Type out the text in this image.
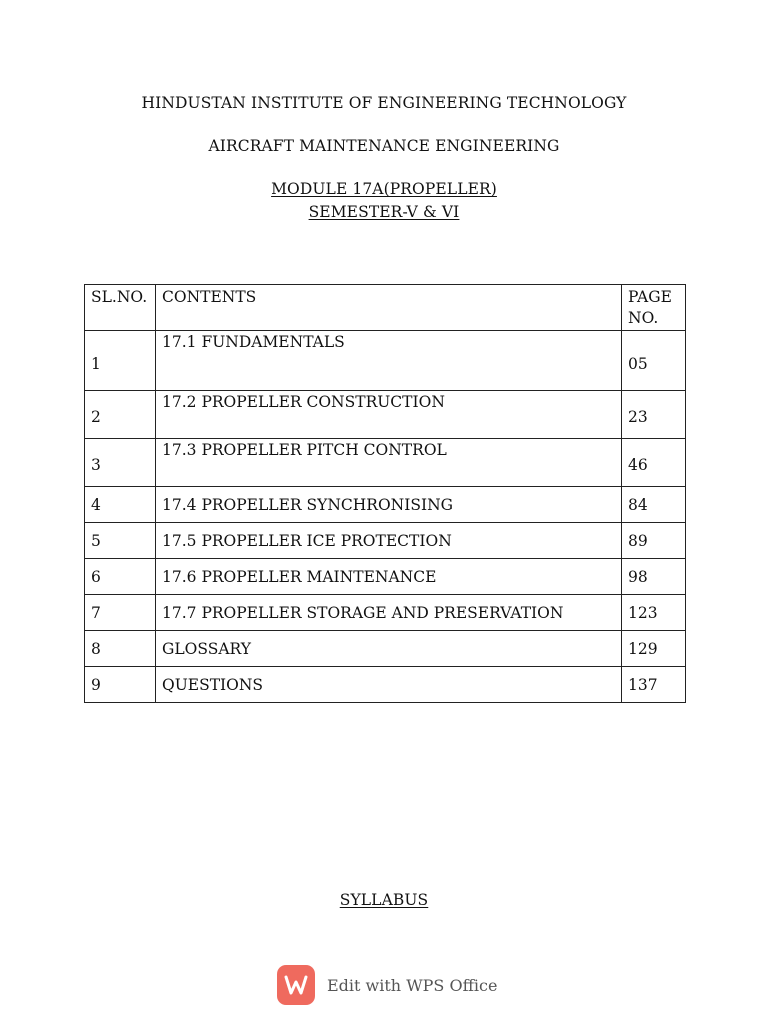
HINDUSTAN INSTITUTE OF ENGINEERING TECHNOLOGY
AIRCRAFT MAINTENANCE ENGINEERING
MODULE 17A(PROPELLER)
SEMESTER-V & VI
SL.NO.	CONTENTS	PAGE NO.
1	17.1 FUNDAMENTALS	05
2	17.2 PROPELLER CONSTRUCTION	23
3	17.3 PROPELLER PITCH CONTROL	46
4	17.4 PROPELLER SYNCHRONISING	84
5	17.5 PROPELLER ICE PROTECTION	89
6	17.6 PROPELLER MAINTENANCE	98
7	17.7 PROPELLER STORAGE AND PRESERVATION	123
8	GLOSSARY	129
9	QUESTIONS	137
SYLLABUS
Edit with WPS Office
